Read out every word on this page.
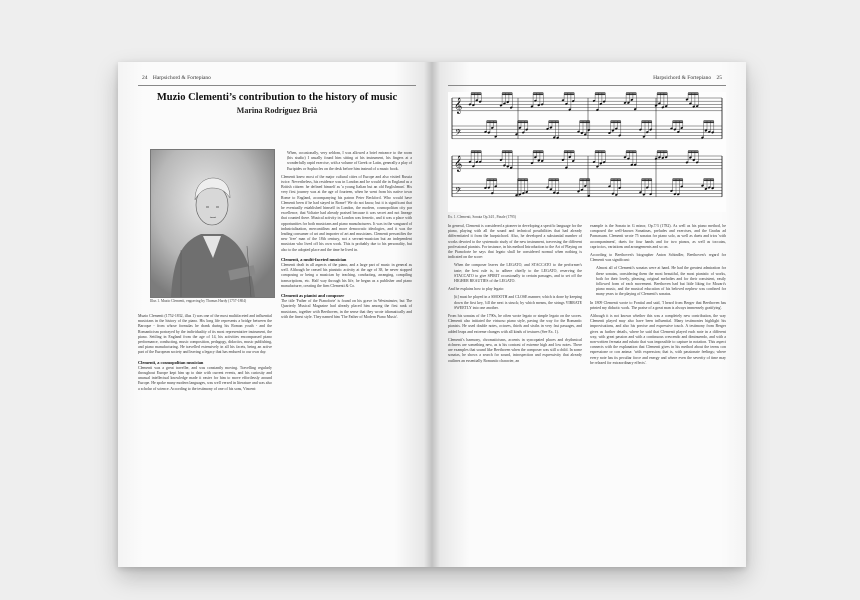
24 Harpsichord & Fortepiano
Muzio Clementi’s contribution to the history of music
Marina Rodríguez Brià
Illus 1. Muzio Clementi, engraving by Thomas Hardy (1757-1804)

Muzio Clementi (1752-1832, illus 1) was one of the most multifaceted and influential musicians in the history of the piano. His long life represents a bridge between the Baroque - from whose formulas he drank during his Roman youth - and the Romanticism portrayed by the individuality of its most representative instrument, the piano. Settling in England from the age of 14, his activities encompassed piano performance, conducting, music composition, pedagogy, didactics, music publishing, and piano manufacturing. He travelled extensively in all his facets, being an active part of the European society and leaving a legacy that has endured to our own day.

Clementi, a cosmopolitan musician

Clementi was a great traveller, and was constantly moving. Travelling regularly throughout Europe kept him up to date with current events, and his curiosity and unusual intellectual knowledge made it easier for him to move effortlessly around Europe. He spoke many modern languages, was well versed in literature and was also a scholar of science. According to the testimony of one of his sons, Vincent:

When, occasionally, very seldom, I was allowed a brief entrance to the room (his studio) I usually found him sitting at his instrument, his fingers at a wonderfully rapid exercise, with a volume of Greek or Latin, generally a play of Euripides or Sophocles on the desk before him instead of a music book.

Clementi knew most of the major cultural cities of Europe and also visited Russia twice. Nevertheless, his residence was in London and he would die in England as a British citizen: he defined himself as 'a young Italian but an old Englishman'. His very first journey was at the age of fourteen, when he went from his native town Rome to England, accompanying his patron Peter Beckford. Who would have Clementi been if he had stayed in Rome? We do not know, but it is significant that he eventually established himself in London, the modern, cosmopolitan city par excellence, that Voltaire had already praised because it was secret and not lineage that counted there. Musical activity in London was frenetic, and it was a place with opportunities for both musicians and piano manufacturers. It was in the vanguard of industrialization, mercantilism and more democratic ideologies, and it was the leading consumer of art and importer of art and musicians. Clementi personifies the new 'free' man of the 18th century, not a servant-musician but an independent musician who lived off his own work. This is probably due to his personality, but also to the adopted place and the time he lived in.

Clementi, a multi-faceted musician

Clementi dealt in all aspects of the piano, and a large part of music in general as well. Although he ceased his pianistic activity at the age of 38, he never stopped composing or being a musician by teaching, conducting, arranging, compiling transcriptions, etc. Half way through his life, he began as a publisher and piano manufacturer, creating the firm Clementi & Co.

Clementi as pianist and composer

The title 'Father of the Pianoforte' is found on his grave in Westminster, but The Quarterly Musical Magazine had already placed him among the first rank of musicians, together with Beethoven, in the sense that they wrote idiomatically and with the finest style. They named him 'The Father of Modern Piano Music'.

Harpsichord & Fortepiano 25
𝄞
𝄢
𝄞
𝄢
Ex. 1. Clementi, Sonata Op.34/1, Finale (1795)

In general, Clementi is considered a pioneer in developing a specific language for the piano, playing with all the sound and technical possibilities that had already differentiated it from the harpsichord. Also, he developed a substantial number of works devoted to the systematic study of the new instrument, traversing the different professional pianists. For instance, in his method Introduction to the Art of Playing on the Pianoforte he says that legato shall be considered normal when nothing is indicated on the score:

When the composer leaves the LEGATO, and STACCATO to the performer's taste; the best rule is, to adhere chiefly to the LEGATO, reserving the STACCATO to give SPIRIT occasionally to certain passages, and to set off the HIGHER BEAUTIES of the LEGATO.

And he explains how to play legato:

[it] must be played in a SMOOTH and CLOSE manner; which is done by keeping down the first key, 'till the next is struck; by which means, the strings VIBRATE SWEETLY into one another.

From his sonatas of the 1790s, he often wrote legato or simple legato on the scores. Clementi also initiated the virtuoso piano style, paving the way for the Romantic pianists. He used double notes, octaves, thirds and sixths in very fast passages, and added leaps and extreme changes with all kinds of textures (See Ex. 1).

Clementi's harmony, chromaticisms, accents in syncopated places and rhythmical richness are something new, as is his contrast of extreme high and low notes. There are examples that sound like Beethoven when the composer was still a child. In some sonatas, he shows a search for sound, introspection and expressivity that already outlines an essentially Romantic character, an

example is the Sonata in G minor, Op.7/3 (1782). As well as his piano method, he composed the well-known Sonatinas, preludes and exercises, and the Gradus ad Parnassum. Clementi wrote 75 sonatas for piano solo, as well as duets and trios 'with accompaniment', duets for four hands and for two pianos, as well as toccatas, capriccios, variations and arrangements and so on.

According to Beethoven's biographer Anton Schindler, Beethoven's regard for Clementi was significant:

Almost all of Clementi's sonatas were at hand. He had the greatest admiration for these sonatas, considering them the most beautiful, the most pianistic of works, both for their lovely, pleasing, original melodies and for their consistent, easily followed form of each movement. Beethoven had but little liking for Mozart's piano music, and the musical education of his beloved nephew was confined for many years to the playing of Clementi's sonatas.

In 1809 Clementi wrote to Fontiul and said, 'I heard from Berger that Beethoven has printed my didactic work. The praise of a great man is always immensely gratifying'.

Although it is not known whether this was a completely new contribution, the way Clementi played may also have been influential. Many testimonies highlight his improvisations, and also his precise and expressive touch. A testimony from Berger gives us further details, where he said that Clementi played each note in a different way, with great passion and with a continuous crescendo and diminuendo, and with a non-written fermata and rubato that was impossible to capture in notation. This aspect connects with the explanation that Clementi gives in his method about the terms con espressione or con anima: 'with expression; that is, with passionate feelings; where every note has its peculiar force and energy and where even the severity of time may be relaxed for extraordinary effects'.
